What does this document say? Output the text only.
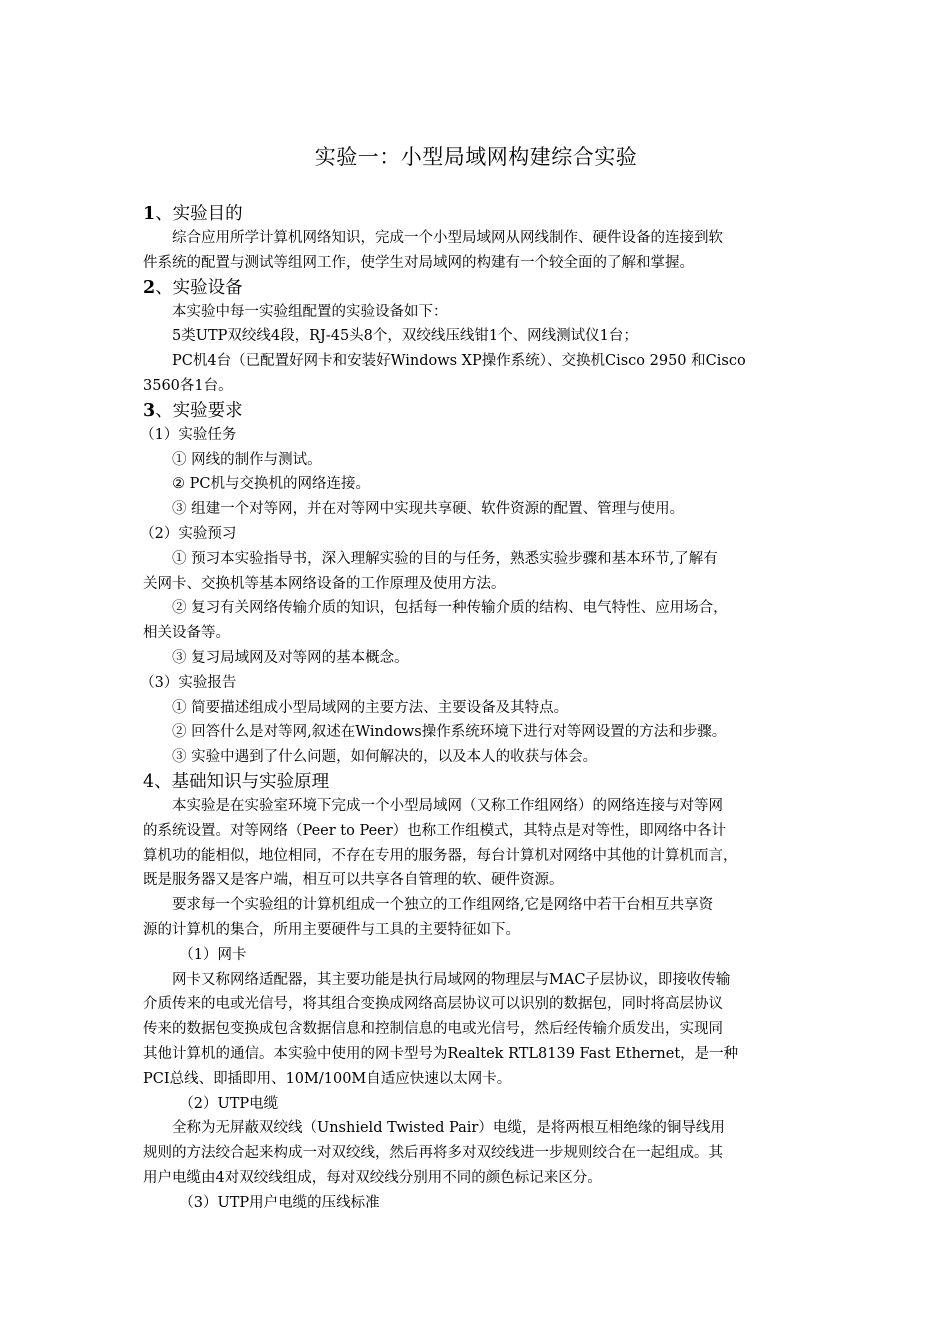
实验一：小型局域网构建综合实验
1、实验目的
综合应用所学计算机网络知识，完成一个小型局域网从网线制作、硬件设备的连接到软
件系统的配置与测试等组网工作，使学生对局域网的构建有一个较全面的了解和掌握。
2、实验设备
本实验中每一实验组配置的实验设备如下：
5类UTP双绞线4段，RJ-45头8个，双绞线压线钳1个、网线测试仪1台；
PC机4台（已配置好网卡和安装好Windows XP操作系统）、交换机Cisco 2950 和Cisco
3560各1台。
3、实验要求
（1）实验任务
① 网线的制作与测试。
② PC机与交换机的网络连接。
③ 组建一个对等网，并在对等网中实现共享硬、软件资源的配置、管理与使用。
（2）实验预习
① 预习本实验指导书，深入理解实验的目的与任务，熟悉实验步骤和基本环节,了解有
关网卡、交换机等基本网络设备的工作原理及使用方法。
② 复习有关网络传输介质的知识，包括每一种传输介质的结构、电气特性、应用场合，
相关设备等。
③ 复习局域网及对等网的基本概念。
（3）实验报告
① 简要描述组成小型局域网的主要方法、主要设备及其特点。
② 回答什么是对等网,叙述在Windows操作系统环境下进行对等网设置的方法和步骤。
③ 实验中遇到了什么问题，如何解决的，以及本人的收获与体会。
4、基础知识与实验原理
本实验是在实验室环境下完成一个小型局域网（又称工作组网络）的网络连接与对等网
的系统设置。对等网络（Peer to Peer）也称工作组模式，其特点是对等性，即网络中各计
算机功的能相似，地位相同，不存在专用的服务器，每台计算机对网络中其他的计算机而言，
既是服务器又是客户端，相互可以共享各自管理的软、硬件资源。
要求每一个实验组的计算机组成一个独立的工作组网络,它是网络中若干台相互共享资
源的计算机的集合，所用主要硬件与工具的主要特征如下。
（1）网卡
网卡又称网络适配器，其主要功能是执行局域网的物理层与MAC子层协议，即接收传输
介质传来的电或光信号，将其组合变换成网络高层协议可以识别的数据包，同时将高层协议
传来的数据包变换成包含数据信息和控制信息的电或光信号，然后经传输介质发出，实现同
其他计算机的通信。本实验中使用的网卡型号为Realtek RTL8139 Fast Ethernet，是一种
PCI总线、即插即用、10M/100M自适应快速以太网卡。
（2）UTP电缆
全称为无屏蔽双绞线（Unshield Twisted Pair）电缆，是将两根互相绝缘的铜导线用
规则的方法绞合起来构成一对双绞线，然后再将多对双绞线进一步规则绞合在一起组成。其
用户电缆由4对双绞线组成，每对双绞线分别用不同的颜色标记来区分。
（3）UTP用户电缆的压线标准
